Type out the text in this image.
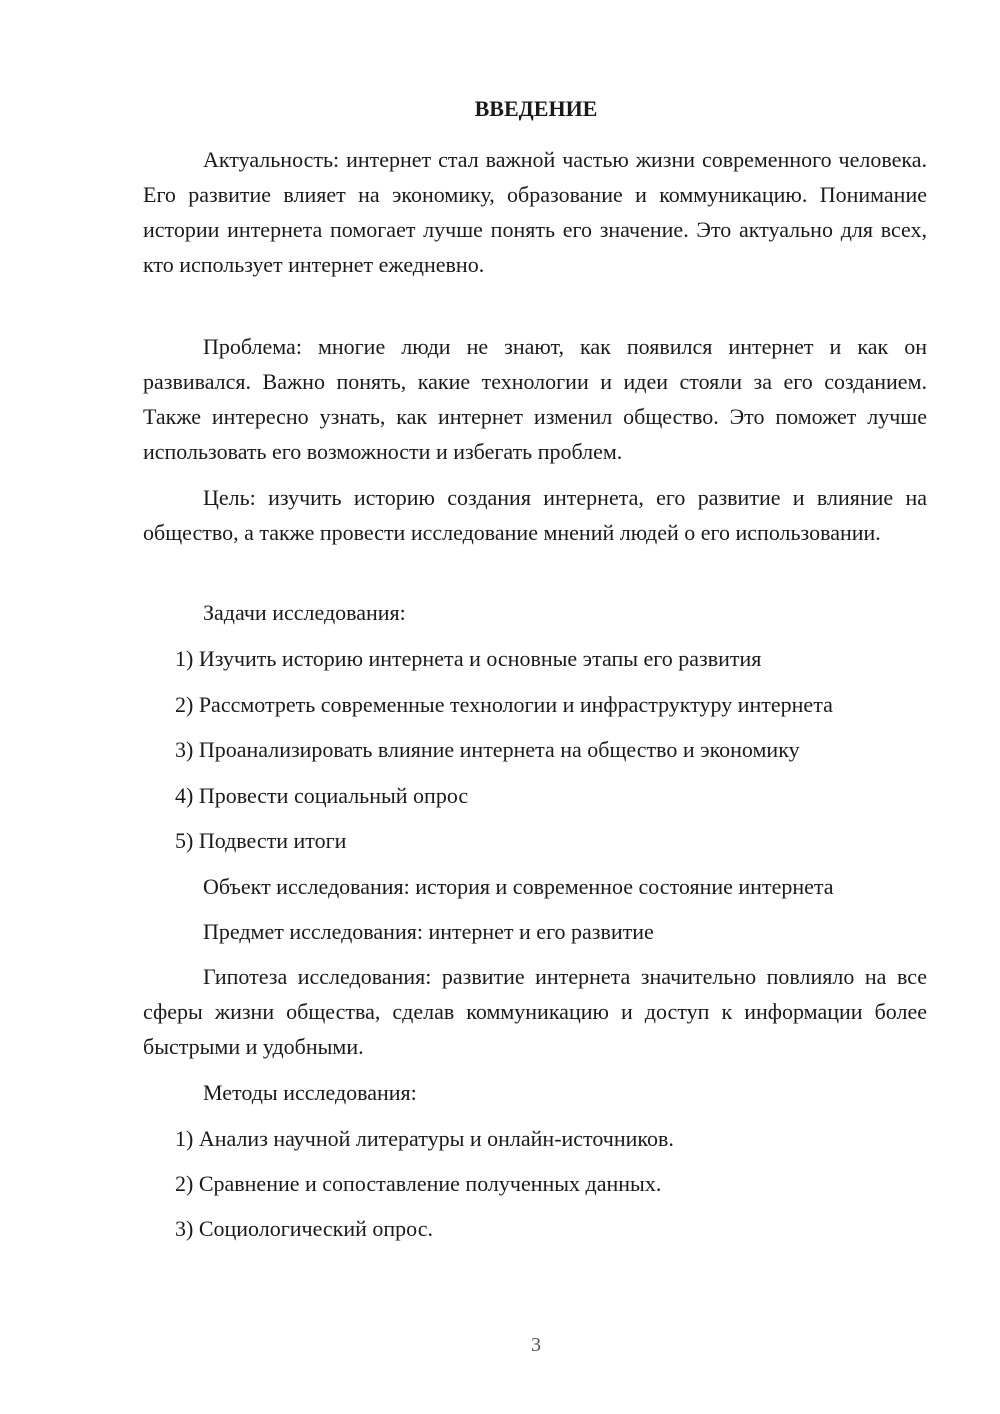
ВВЕДЕНИЕ

Актуальность: интернет стал важной частью жизни современного человека. Его развитие влияет на экономику, образование и коммуникацию. Понимание истории интернета помогает лучше понять его значение. Это актуально для всех, кто использует интернет ежедневно.

Проблема: многие люди не знают, как появился интернет и как он развивался. Важно понять, какие технологии и идеи стояли за его созданием. Также интересно узнать, как интернет изменил общество. Это поможет лучше использовать его возможности и избегать проблем.

Цель: изучить историю создания интернета, его развитие и влияние на общество, а также провести исследование мнений людей о его использовании.

Задачи исследования:
1) Изучить историю интернета и основные этапы его развития
2) Рассмотреть современные технологии и инфраструктуру интернета
3) Проанализировать влияние интернета на общество и экономику
4) Провести социальный опрос
5) Подвести итоги
Объект исследования: история и современное состояние интернета
Предмет исследования: интернет и его развитие

Гипотеза исследования: развитие интернета значительно повлияло на все сферы жизни общества, сделав коммуникацию и доступ к информации более быстрыми и удобными.

Методы исследования:
1) Анализ научной литературы и онлайн-источников.
2) Сравнение и сопоставление полученных данных.
3) Социологический опрос.
3
